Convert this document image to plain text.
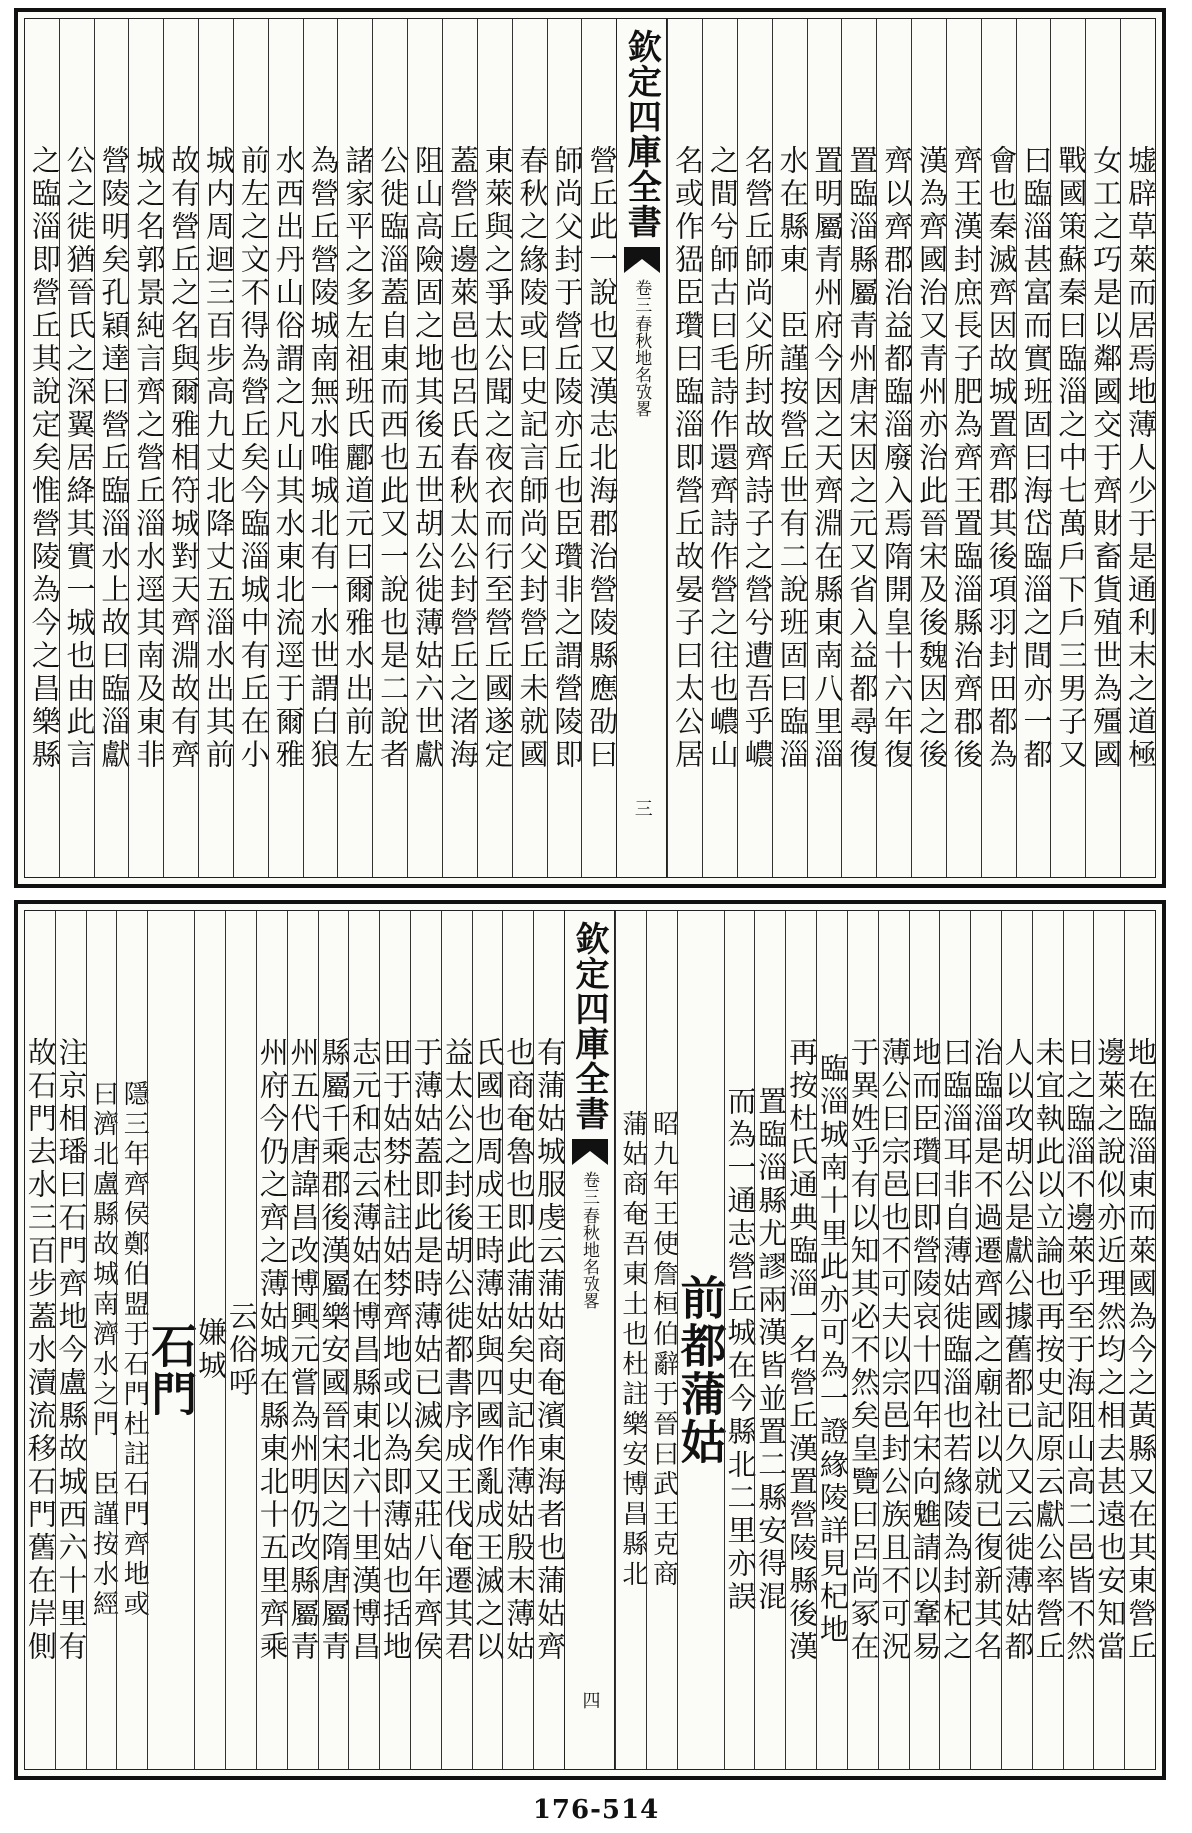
墟辟草萊而居焉地薄人少于是通利末之道極
女工之巧是以鄰國交于齊財畜貨殖世為殭國
戰國策蘇秦曰臨淄之中七萬戶下戶三男子又
曰臨淄甚富而實班固曰海岱臨淄之間亦一都
會也秦滅齊因故城置齊郡其後項羽封田都為
齊王漢封庶長子肥為齊王置臨淄縣治齊郡後
漢為齊國治又青州亦治此晉宋及後魏因之後
齊以齊郡治益都臨淄廢入焉隋開皇十六年復
置臨淄縣屬青州唐宋因之元又省入益都尋復
置明屬青州府今因之天齊淵在縣東南八里淄
水在縣東　臣謹按營丘世有二說班固曰臨淄
名營丘師尚父所封故齊詩子之營兮遭吾乎嶩
之間兮師古曰毛詩作還齊詩作營之往也嶩山
名或作峱臣瓚曰臨淄即營丘故晏子曰太公居
欽定四庫全書
春秋地名攷畧
卷三
三
營丘此一說也又漢志北海郡治營陵縣應劭曰
師尚父封于營丘陵亦丘也臣瓚非之謂營陵即
春秋之緣陵或曰史記言師尚父封營丘未就國
東萊與之爭太公聞之夜衣而行至營丘國遂定
蓋營丘邊萊邑也呂氏春秋太公封營丘之渚海
阻山高險固之地其後五世胡公徙薄姑六世獻
公徙臨淄蓋自東而西也此又一說也是二說者
諸家平之多左祖班氏酈道元曰爾雅水出前左
為營丘營陵城南無水唯城北有一水世謂白狼
水西出丹山俗謂之凡山其水東北流逕于爾雅
前左之文不得為營丘矣今臨淄城中有丘在小
城内周迴三百步高九丈北降丈五淄水出其前
故有營丘之名與爾雅相符城對天齊淵故有齊
城之名郭景純言齊之營丘淄水逕其南及東非
營陵明矣孔穎達曰營丘臨淄水上故曰臨淄獻
公之徙猶晉氏之深翼居絳其實一城也由此言
之臨淄即營丘其說定矣惟營陵為今之昌樂縣
地在臨淄東而萊國為今之黃縣又在其東營丘
邊萊之說似亦近理然均之相去甚遠也安知當
日之臨淄不邊萊乎至于海阻山高二邑皆不然
未宜執此以立論也再按史記原云獻公率營丘
人以攻胡公是獻公據舊都已久又云徙薄姑都
治臨淄是不過遷齊國之廟社以就已復新其名
曰臨淄耳非自薄姑徙臨淄也若緣陵為封杞之
地而臣瓚曰即營陵哀十四年宋向魋請以鞌易
薄公曰宗邑也不可夫以宗邑封公族且不可況
于異姓乎有以知其必不然矣皇覽曰呂尚冢在
臨淄城南十里此亦可為一證緣陵詳見杞地
再按杜氏通典臨淄一名營丘漢置營陵縣後漢
置臨淄縣尤謬兩漢皆並置二縣安得混
而為一通志營丘城在今縣北二里亦誤
前都蒲姑
昭九年王使詹桓伯辭于晉曰武王克商
蒲姑商奄吾東土也杜註樂安博昌縣北
欽定四庫全書
春秋地名攷畧
卷三
四
有蒲姑城服虔云蒲姑商奄濱東海者也蒲姑齊
也商奄魯也即此蒲姑矣史記作薄姑殷末薄姑
氏國也周成王時薄姑與四國作亂成王滅之以
益太公之封後胡公徙都書序成王伐奄遷其君
于薄姑蓋即此是時薄姑已滅矣又莊八年齊侯
田于姑棼杜註姑棼齊地或以為即薄姑也括地
志元和志云薄姑在博昌縣東北六十里漢博昌
縣屬千乘郡後漢屬樂安國晉宋因之隋唐屬青
州五代唐諱昌改博興元嘗為州明仍改縣屬青
州府今仍之齊之薄姑城在縣東北十五里齊乘
云俗呼
嫌城
石門
隱三年齊侯鄭伯盟于石門杜註石門齊地或
曰濟北盧縣故城南濟水之門　臣謹按水經
注京相璠曰石門齊地今盧縣故城西六十里有
故石門去水三百步蓋水瀆流移石門舊在岸側
176-514
